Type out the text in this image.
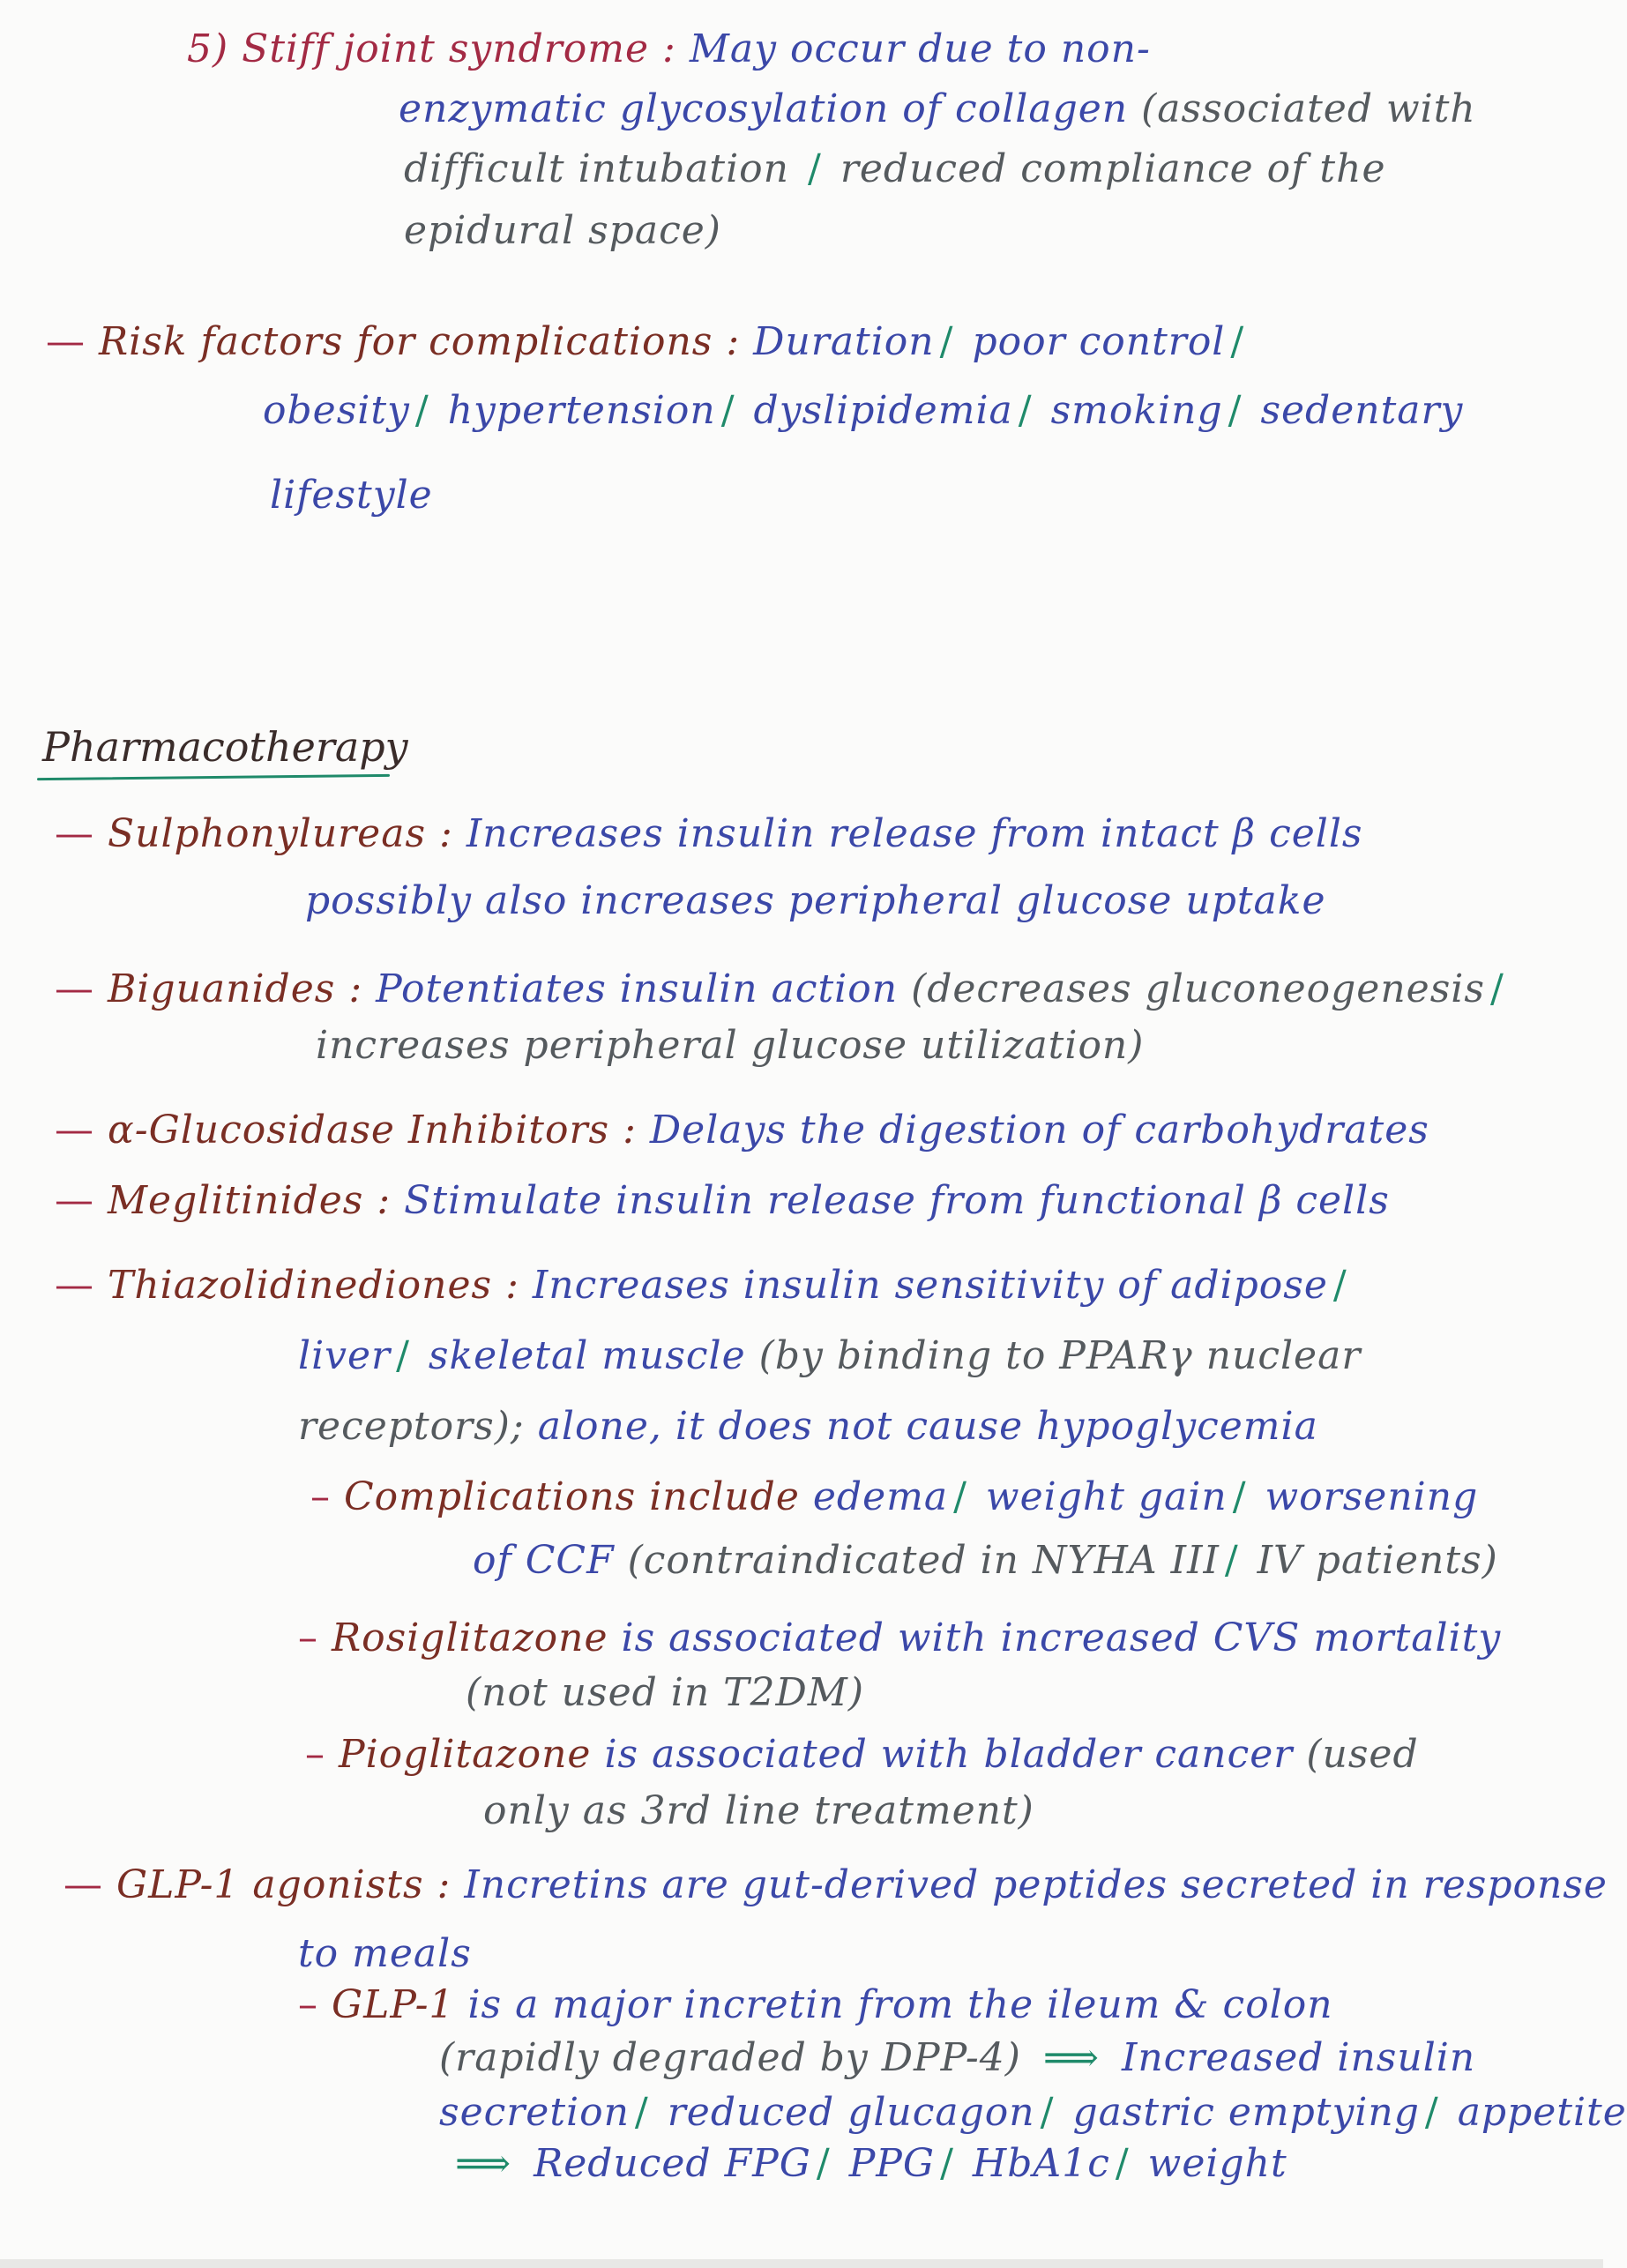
5) Stiff joint syndrome : May occur due to non-
enzymatic glycosylation of collagen (associated with
difficult intubation / reduced compliance of the
epidural space)
— Risk factors for complications : Duration / poor control /
obesity / hypertension / dyslipidemia / smoking / sedentary
lifestyle
Pharmacotherapy
— Sulphonylureas : Increases insulin release from intact β cells
possibly also increases peripheral glucose uptake
— Biguanides : Potentiates insulin action (decreases gluconeogenesis /
increases peripheral glucose utilization)
— α-Glucosidase Inhibitors : Delays the digestion of carbohydrates
— Meglitinides : Stimulate insulin release from functional β cells
— Thiazolidinediones : Increases insulin sensitivity of adipose /
liver / skeletal muscle (by binding to PPARγ nuclear
receptors); alone, it does not cause hypoglycemia
– Complications include edema / weight gain / worsening
of CCF (contraindicated in NYHA III / IV patients)
– Rosiglitazone is associated with increased CVS mortality
(not used in T2DM)
– Pioglitazone is associated with bladder cancer (used
only as 3rd line treatment)
— GLP-1 agonists : Incretins are gut-derived peptides secreted in response
to meals
– GLP-1 is a major incretin from the ileum & colon
(rapidly degraded by DPP-4) ⟹ Increased insulin
secretion / reduced glucagon / gastric emptying / appetite
⟹ Reduced FPG / PPG / HbA1c / weight
